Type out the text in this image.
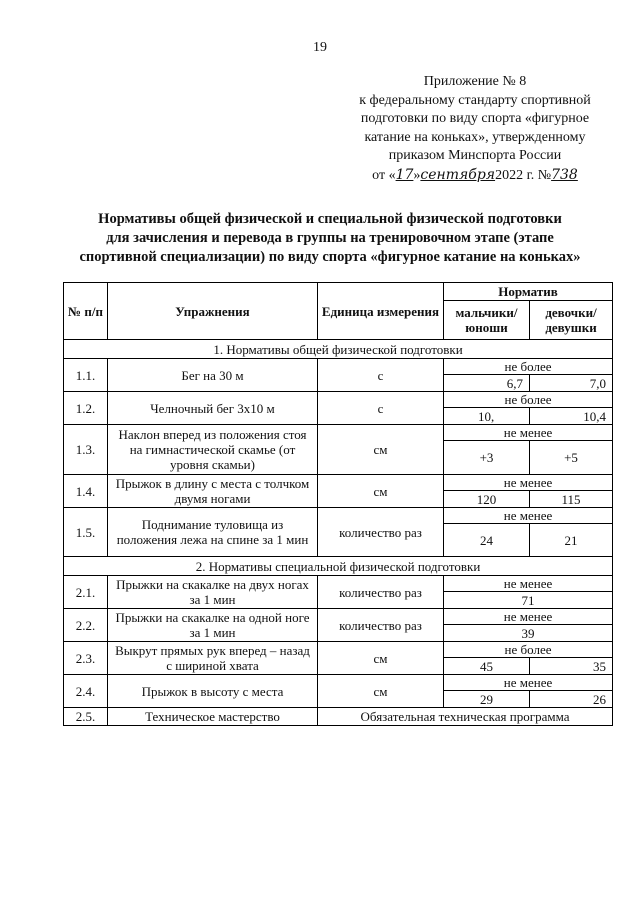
19
Приложение № 8
к федеральному стандарту спортивной
подготовки по виду спорта «фигурное
катание на коньках», утвержденному
приказом Минспорта России
от «17»сентября2022 г. №738
Нормативы общей физической и специальной физической подготовки
для зачисления и перевода в группы на тренировочном этапе (этапе
спортивной специализации) по виду спорта «фигурное катание на коньках»
№ п/п	Упражнения	Единица измерения	Норматив	
			мальчики/ юноши	девочки/ девушки
1. Нормативы общей физической подготовки				
1.1.	Бег на 30 м	с	не более	
			6,7	7,0
1.2.	Челночный бег 3х10 м	с	не более	
			10,	10,4
1.3.	Наклон вперед из положения стоя на гимнастической скамье (от уровня скамьи)	см	не менее	
			+3	+5
1.4.	Прыжок в длину с места с толчком двумя ногами	см	не менее	
			120	115
1.5.	Поднимание туловища из положения лежа на спине за 1 мин	количество раз	не менее	
			24	21
2. Нормативы специальной физической подготовки				
2.1.	Прыжки на скакалке на двух ногах за 1 мин	количество раз	не менее	
			71	
2.2.	Прыжки на скакалке на одной ноге за 1 мин	количество раз	не менее	
			39	
2.3.	Выкрут прямых рук вперед – назад с шириной хвата	см	не более	
			45	35
2.4.	Прыжок в высоту с места	см	не менее	
			29	26
2.5.	Техническое мастерство	Обязательная техническая программа		
